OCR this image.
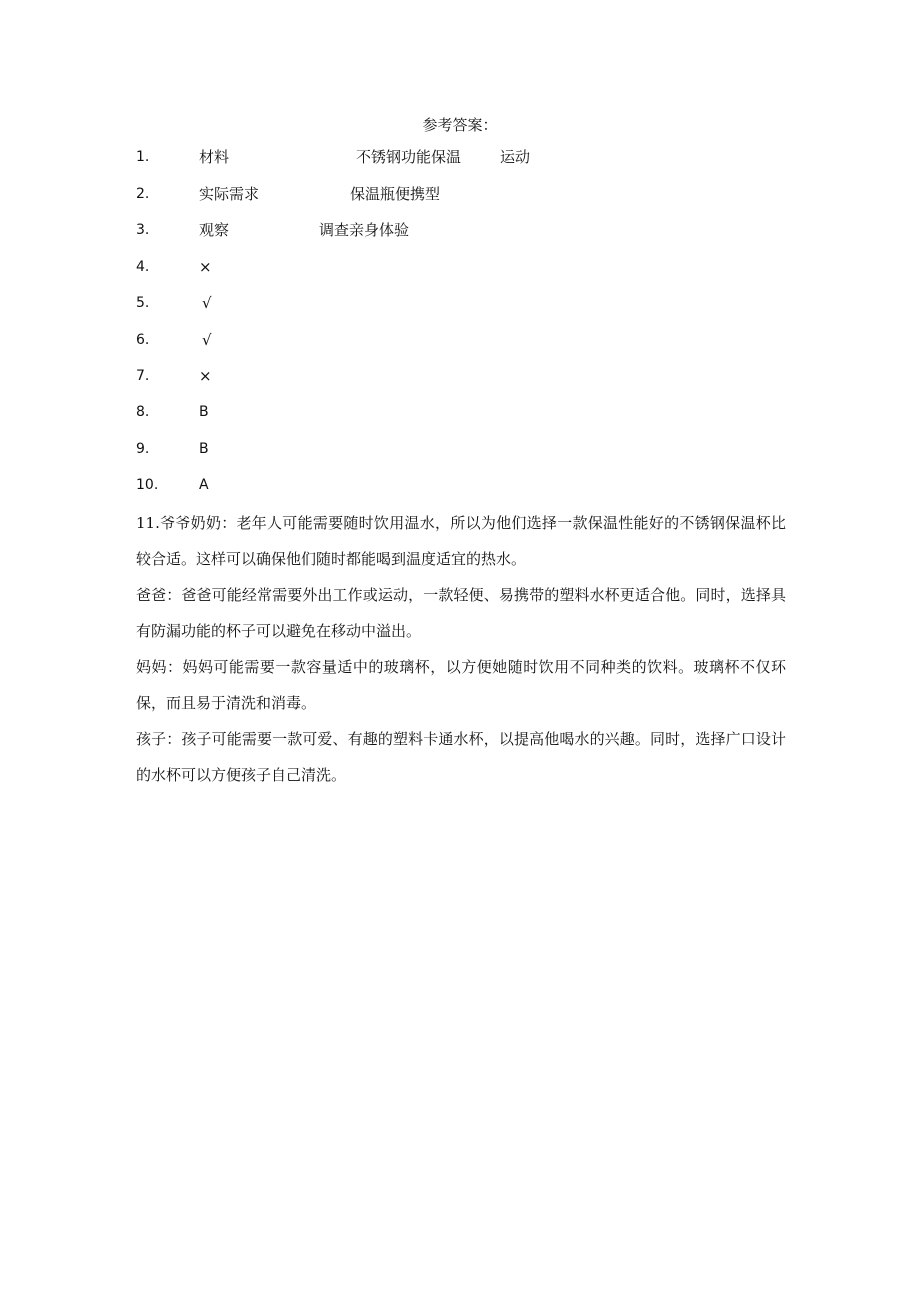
参考答案：
1.	材料	不锈钢功能保温	运动
2.	实际需求	保温瓶便携型
3.	观察	调查亲身体验
4.	×
5.	√
6.	√
7.	×
8.	B
9.	B
10.	A

11.爷爷奶奶：老年人可能需要随时饮用温水，所以为他们选择一款保温性能好的不锈钢保温杯比较合适。这样可以确保他们随时都能喝到温度适宜的热水。

爸爸：爸爸可能经常需要外出工作或运动，一款轻便、易携带的塑料水杯更适合他。同时，选择具有防漏功能的杯子可以避免在移动中溢出。

妈妈：妈妈可能需要一款容量适中的玻璃杯，以方便她随时饮用不同种类的饮料。玻璃杯不仅环保，而且易于清洗和消毒。

孩子：孩子可能需要一款可爱、有趣的塑料卡通水杯，以提高他喝水的兴趣。同时，选择广口设计的水杯可以方便孩子自己清洗。
